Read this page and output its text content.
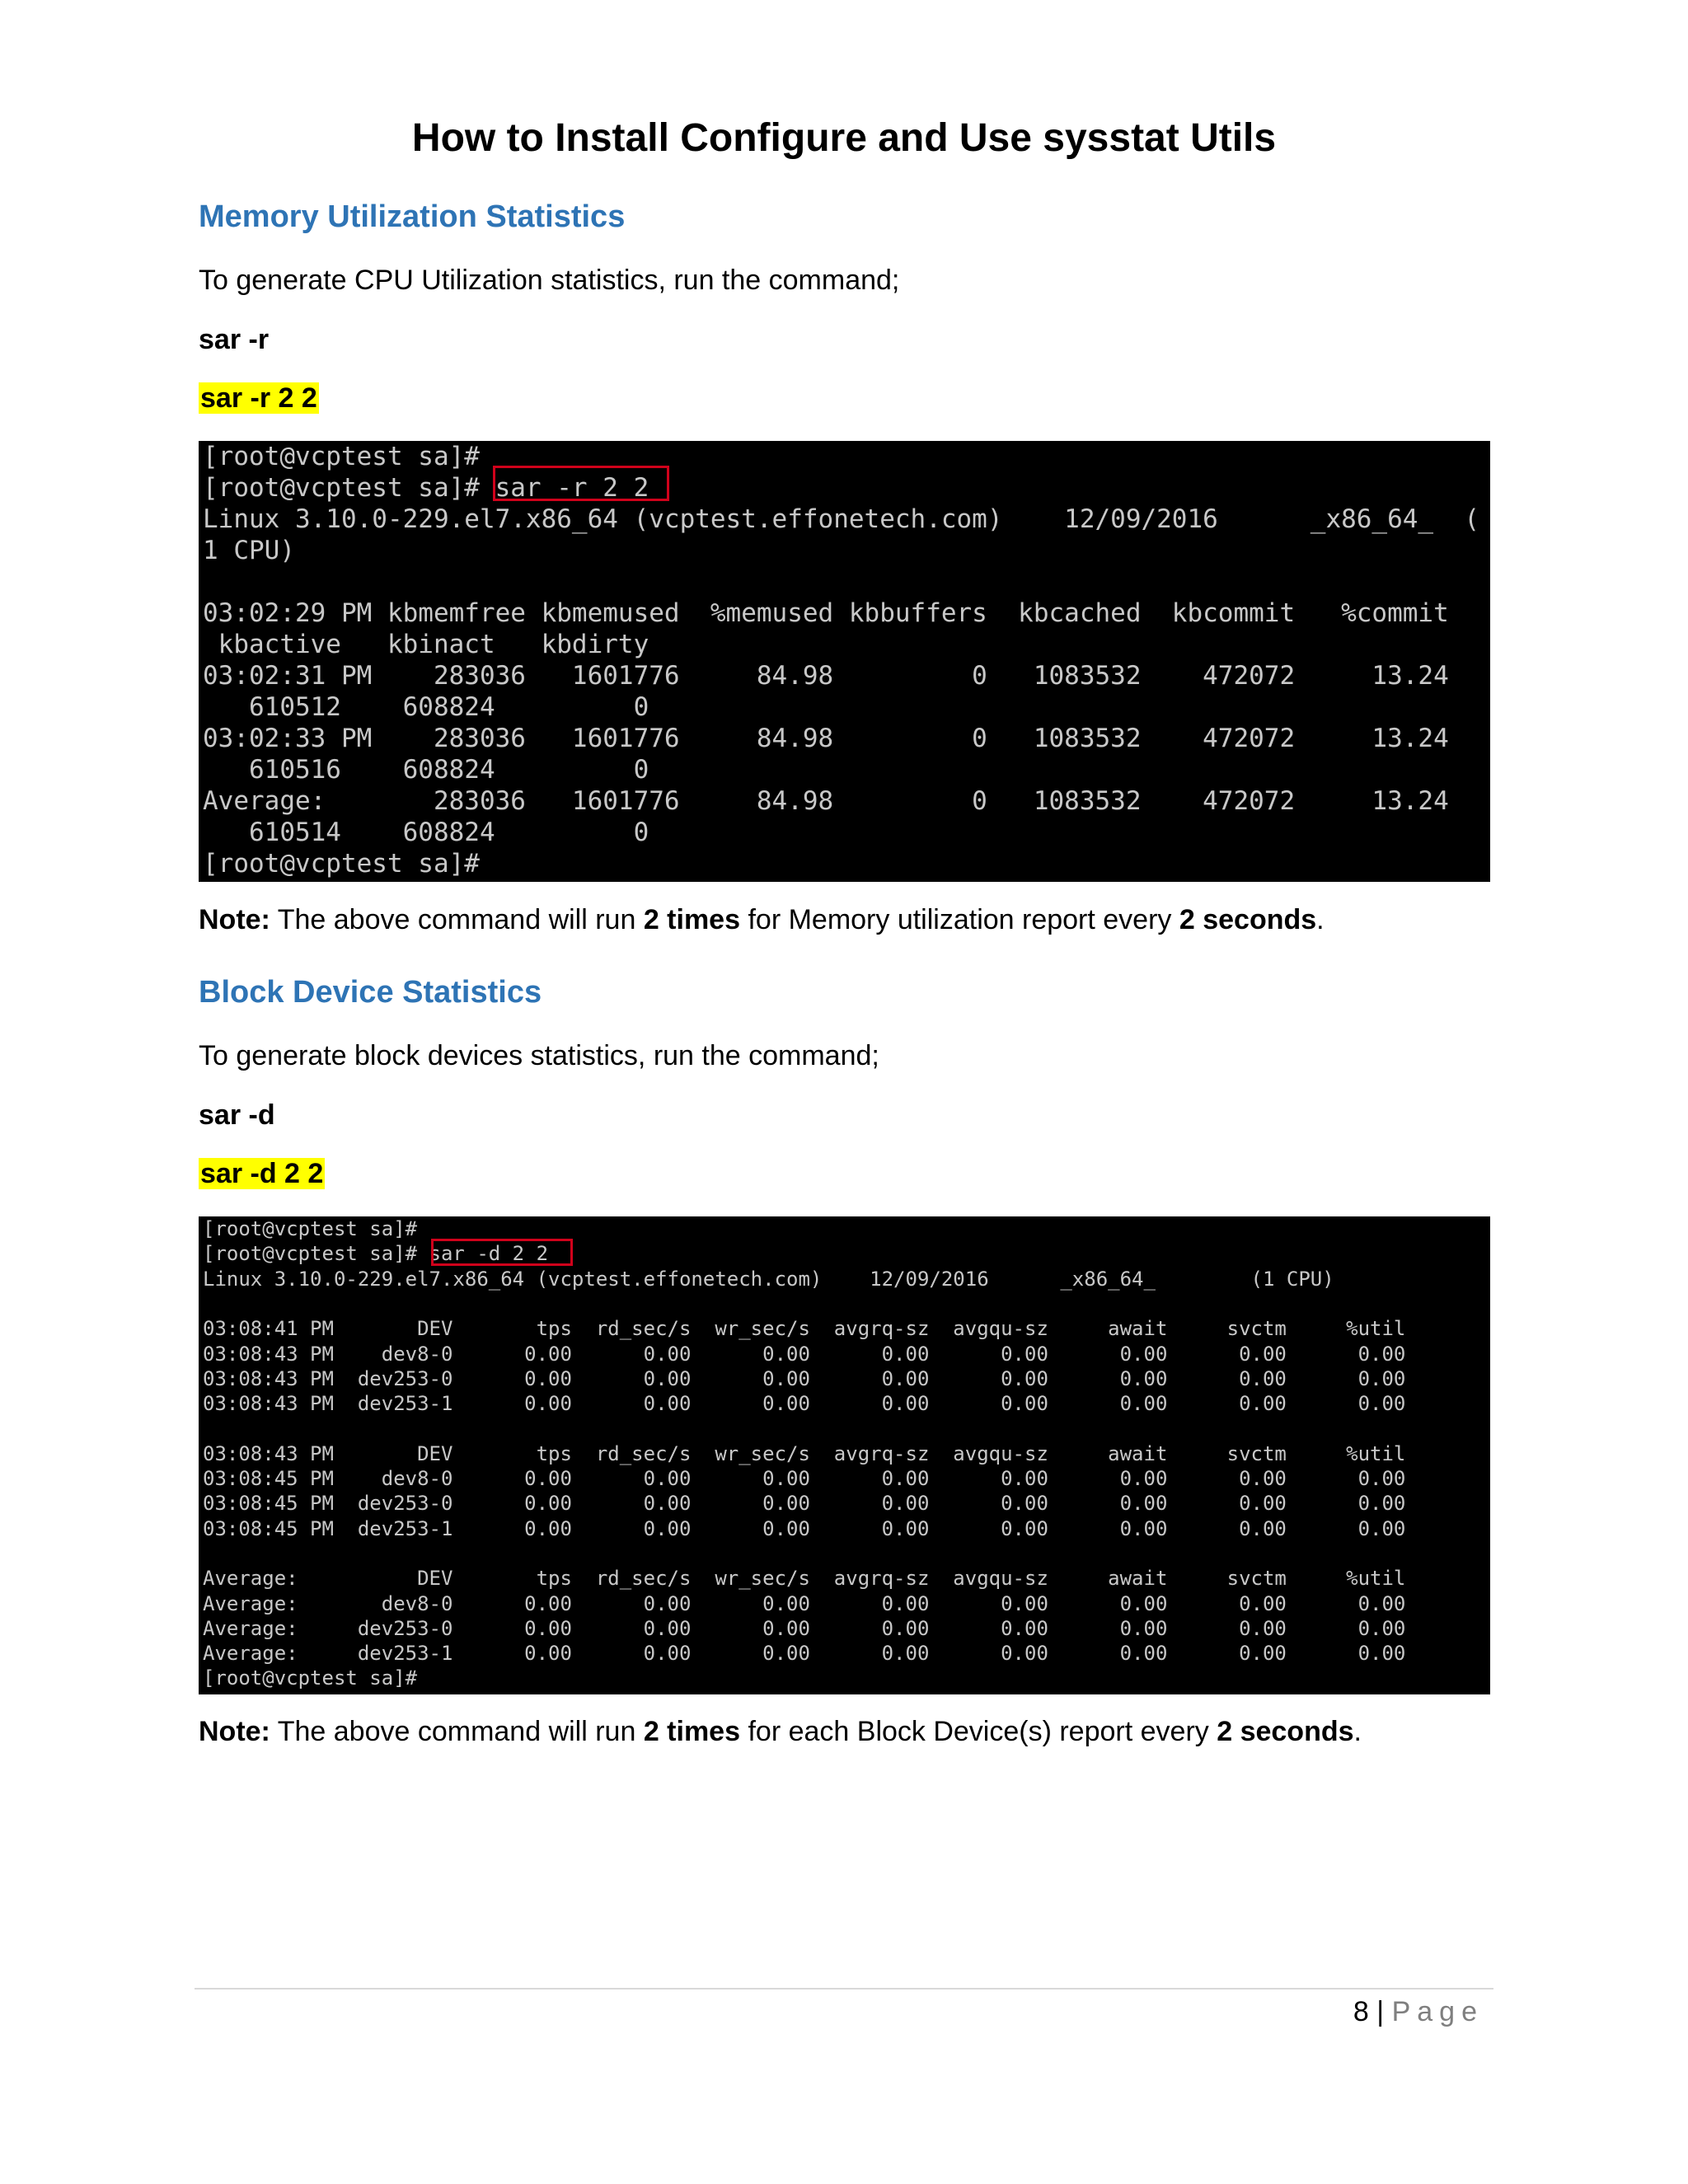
How to Install Configure and Use sysstat Utils
Memory Utilization Statistics
To generate CPU Utilization statistics, run the command;
sar -r
sar -r 2 2
[root@vcptest sa]#
[root@vcptest sa]# sar -r 2 2
Linux 3.10.0-229.el7.x86_64 (vcptest.effonetech.com)    12/09/2016      _x86_64_  (
1 CPU)
03:02:29 PM kbmemfree kbmemused  %memused kbbuffers  kbcached  kbcommit   %commit
kbactive   kbinact   kbdirty
03:02:31 PM    283036   1601776     84.98         0   1083532    472072     13.24
610512    608824         0
03:02:33 PM    283036   1601776     84.98         0   1083532    472072     13.24
610516    608824         0
Average:       283036   1601776     84.98         0   1083532    472072     13.24
610514    608824         0
[root@vcptest sa]#
Note: The above command will run 2 times for Memory utilization report every 2 seconds.
Block Device Statistics
To generate block devices statistics, run the command;
sar -d
sar -d 2 2
[root@vcptest sa]#
[root@vcptest sa]# sar -d 2 2
Linux 3.10.0-229.el7.x86_64 (vcptest.effonetech.com)    12/09/2016      _x86_64_        (1 CPU)
03:08:41 PM       DEV       tps  rd_sec/s  wr_sec/s  avgrq-sz  avgqu-sz     await     svctm     %util
03:08:43 PM    dev8-0      0.00      0.00      0.00      0.00      0.00      0.00      0.00      0.00
03:08:43 PM  dev253-0      0.00      0.00      0.00      0.00      0.00      0.00      0.00      0.00
03:08:43 PM  dev253-1      0.00      0.00      0.00      0.00      0.00      0.00      0.00      0.00
03:08:43 PM       DEV       tps  rd_sec/s  wr_sec/s  avgrq-sz  avgqu-sz     await     svctm     %util
03:08:45 PM    dev8-0      0.00      0.00      0.00      0.00      0.00      0.00      0.00      0.00
03:08:45 PM  dev253-0      0.00      0.00      0.00      0.00      0.00      0.00      0.00      0.00
03:08:45 PM  dev253-1      0.00      0.00      0.00      0.00      0.00      0.00      0.00      0.00
Average:          DEV       tps  rd_sec/s  wr_sec/s  avgrq-sz  avgqu-sz     await     svctm     %util
Average:       dev8-0      0.00      0.00      0.00      0.00      0.00      0.00      0.00      0.00
Average:     dev253-0      0.00      0.00      0.00      0.00      0.00      0.00      0.00      0.00
Average:     dev253-1      0.00      0.00      0.00      0.00      0.00      0.00      0.00      0.00
[root@vcptest sa]#
Note: The above command will run 2 times for each Block Device(s) report every 2 seconds.
8 | Page
